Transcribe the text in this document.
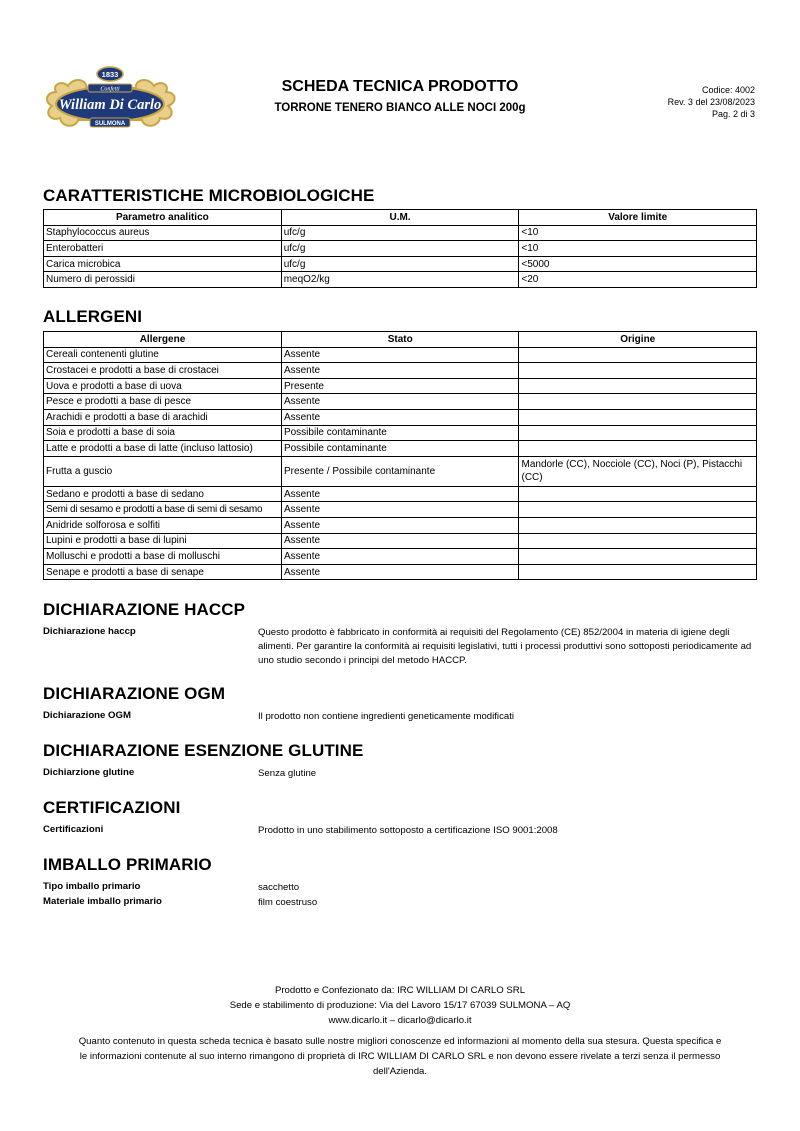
1833
Confetti
William Di Carlo
SULMONA
SCHEDA TECNICA PRODOTTO
TORRONE TENERO BIANCO ALLE NOCI 200g
Codice: 4002
Rev. 3 del 23/08/2023
Pag. 2 di 3
CARATTERISTICHE MICROBIOLOGICHE
Parametro analitico	U.M.	Valore limite
Staphylococcus aureus	ufc/g	<10
Enterobatteri	ufc/g	<10
Carica microbica	ufc/g	<5000
Numero di perossidi	meqO2/kg	<20
ALLERGENI
Allergene	Stato	Origine
Cereali contenenti glutine	Assente	
Crostacei e prodotti a base di crostacei	Assente	
Uova e prodotti a base di uova	Presente	
Pesce e prodotti a base di pesce	Assente	
Arachidi e prodotti a base di arachidi	Assente	
Soia e prodotti a base di soia	Possibile contaminante	
Latte e prodotti a base di latte (incluso lattosio)	Possibile contaminante	
Frutta a guscio	Presente / Possibile contaminante	Mandorle (CC), Nocciole (CC), Noci (P), Pistacchi (CC)
Sedano e prodotti a base di sedano	Assente	
Semi di sesamo e prodotti a base di semi di sesamo	Assente	
Anidride solforosa e solfiti	Assente	
Lupini e prodotti a base di lupini	Assente	
Molluschi e prodotti a base di molluschi	Assente	
Senape e prodotti a base di senape	Assente	
DICHIARAZIONE HACCP
Dichiarazione haccp	Questo prodotto è fabbricato in conformità ai requisiti del Regolamento (CE) 852/2004 in materia di igiene degli alimenti. Per garantire la conformità ai requisiti legislativi, tutti i processi produttivi sono sottoposti periodicamente ad uno studio secondo i principi del metodo HACCP.
DICHIARAZIONE OGM
Dichiarazione OGM	Il prodotto non contiene ingredienti geneticamente modificati
DICHIARAZIONE ESENZIONE GLUTINE
Dichiarzione glutine	Senza glutine
CERTIFICAZIONI
Certificazioni	Prodotto in uno stabilimento sottoposto a certificazione ISO 9001:2008
IMBALLO PRIMARIO
Tipo imballo primario	sacchetto
Materiale imballo primario	film coestruso
Prodotto e Confezionato da: IRC WILLIAM DI CARLO SRL
Sede e stabilimento di produzione: Via del Lavoro 15/17 67039 SULMONA – AQ
www.dicarlo.it – dicarlo@dicarlo.it
Quanto contenuto in questa scheda tecnica è basato sulle nostre migliori conoscenze ed informazioni al momento della sua stesura. Questa specifica e le informazioni contenute al suo interno rimangono di proprietà di IRC WILLIAM DI CARLO SRL e non devono essere rivelate a terzi senza il permesso dell'Azienda.
